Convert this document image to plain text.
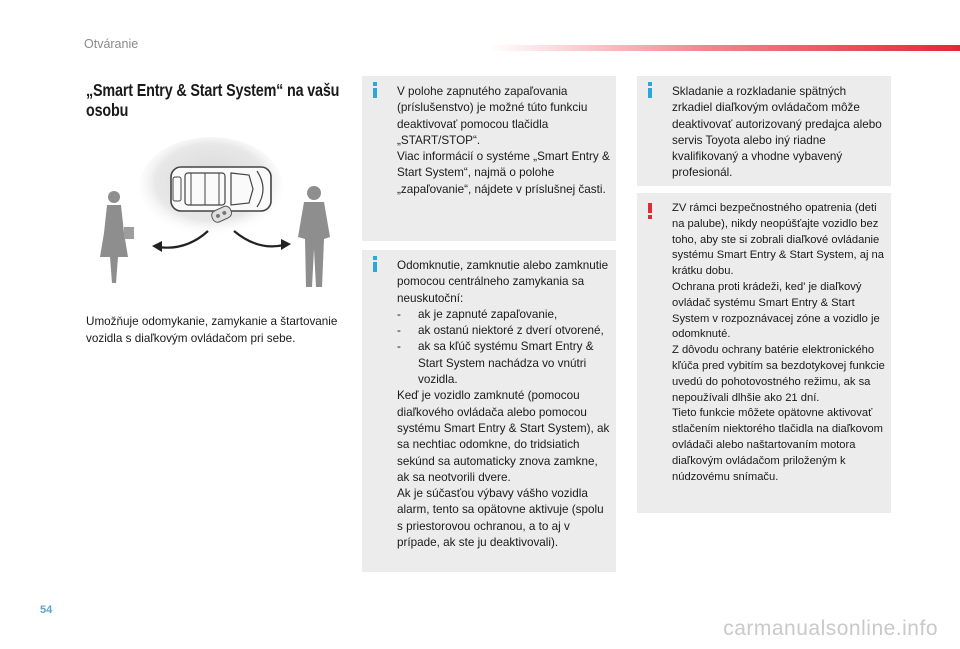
Otváranie
„Smart Entry & Start System“ na vašu osobu
Umožňuje odomykanie, zamykanie a štartovanie vozidla s diaľkovým ovládačom pri sebe.
V polohe zapnutého zapaľovania (príslušenstvo) je možné túto funkciu deaktivovať pomocou tlačidla „START/STOP“.
Viac informácií o systéme „Smart Entry & Start System“, najmä o polohe „zapaľovanie“, nájdete v príslušnej časti.

Odomknutie, zamknutie alebo zamknutie pomocou centrálneho zamykania sa neuskutoční:

- ak je zapnuté zapaľovanie,
- ak ostanú niektoré z dverí otvorené,
- ak sa kľúč systému Smart Entry & Start System nachádza vo vnútri vozidla.

Keď je vozidlo zamknuté (pomocou diaľkového ovládača alebo pomocou systému Smart Entry & Start System), ak sa nechtiac odomkne, do tridsiatich sekúnd sa automaticky znova zamkne, ak sa neotvorili dvere.
Ak je súčasťou výbavy vášho vozidla alarm, tento sa opätovne aktivuje (spolu s priestorovou ochranou, a to aj v prípade, ak ste ju deaktivovali).

Skladanie a rozkladanie spätných zrkadiel diaľkovým ovládačom môže deaktivovať autorizovaný predajca alebo servis Toyota alebo iný riadne kvalifikovaný a vhodne vybavený profesionál.
ZV rámci bezpečnostného opatrenia (deti na palube), nikdy neopúšťajte vozidlo bez toho, aby ste si zobrali diaľkové ovládanie systému Smart Entry & Start System, aj na krátku dobu.
Ochrana proti krádeži, ked' je diaľkový ovládač systému Smart Entry & Start System v rozpoznávacej zóne a vozidlo je odomknuté.
Z dôvodu ochrany batérie elektronického kľúča pred vybitím sa bezdotykovej funkcie uvedú do pohotovostného režimu, ak sa nepoužívali dlhšie ako 21 dní.
Tieto funkcie môžete opätovne aktivovať stlačením niektorého tlačidla na diaľkovom ovládači alebo naštartovaním motora diaľkovým ovládačom priloženým k núdzovému snímaču.
54
carmanualsonline.info
